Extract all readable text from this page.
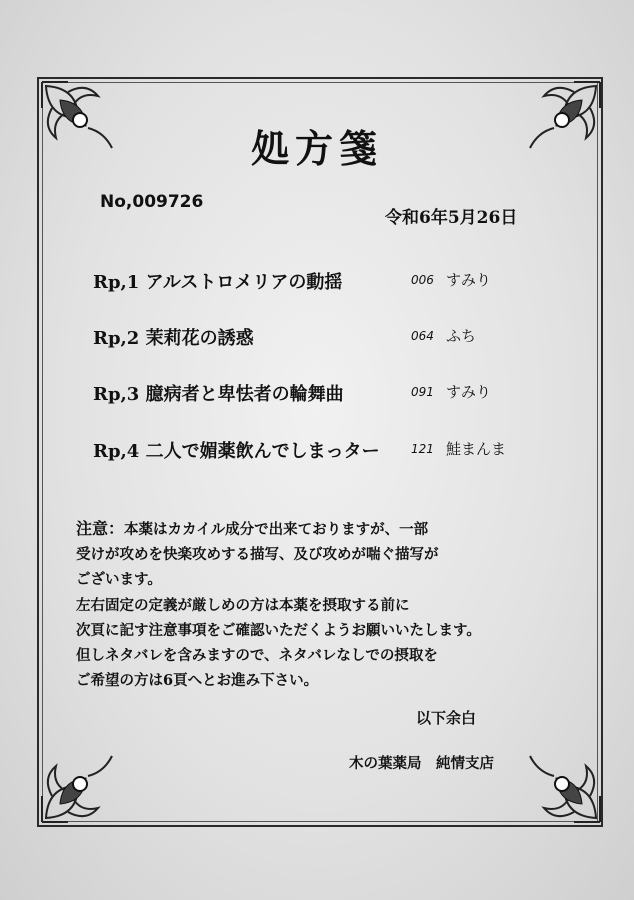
処方箋
No,009726
令和6年5月26日
Rp,1 アルストロメリアの動揺	006 すみり
Rp,2 茉莉花の誘惑	064 ふち
Rp,3 臆病者と卑怯者の輪舞曲	091 すみり
Rp,4 二人で媚薬飲んでしまっター	121 鮭まんま
注意：本薬はカカイル成分で出来ておりますが、一部
受けが攻めを快楽攻めする描写、及び攻めが喘ぐ描写が
ございます。
左右固定の定義が厳しめの方は本薬を摂取する前に
次頁に記す注意事項をご確認いただくようお願いいたします。
但しネタバレを含みますので、ネタバレなしでの摂取を
ご希望の方は6頁へとお進み下さい。
以下余白
木の葉薬局　純情支店
